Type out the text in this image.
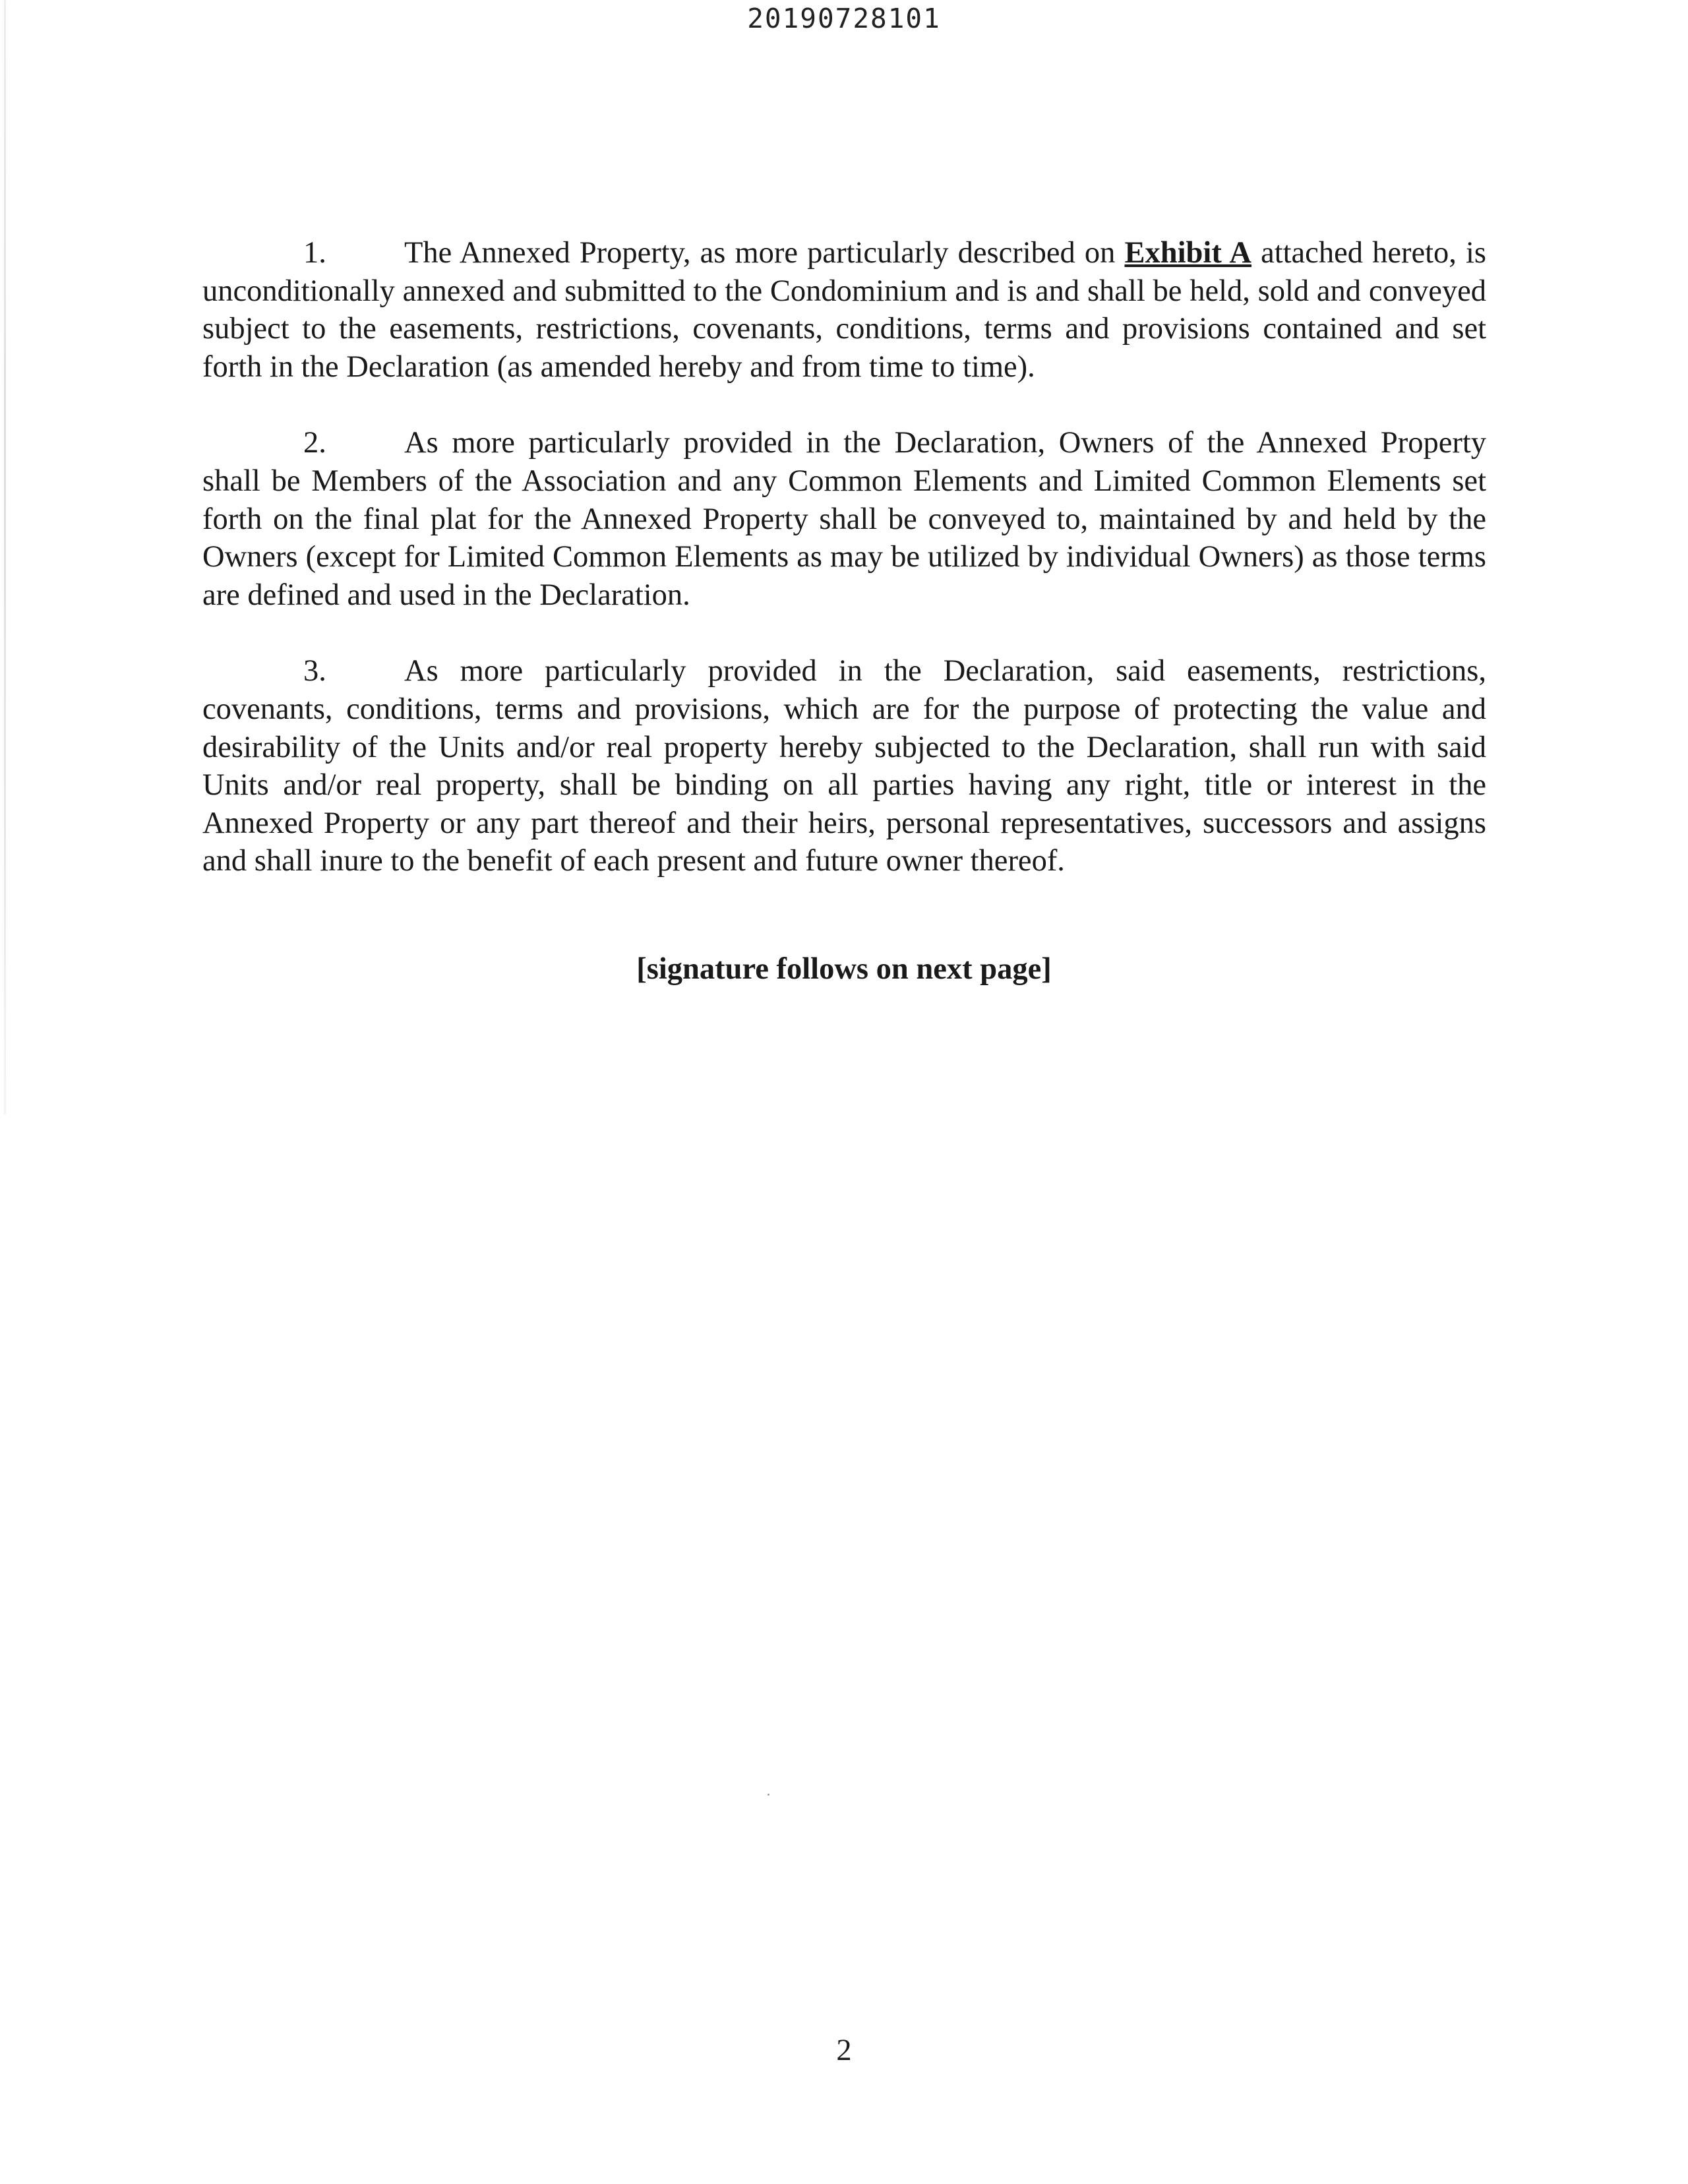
20190728101

1.	The Annexed Property, as more particularly described on Exhibit A attached hereto, is unconditionally annexed and submitted to the Condominium and is and shall be held, sold and conveyed subject to the easements, restrictions, covenants, conditions, terms and provisions contained and set forth in the Declaration (as amended hereby and from time to time).

2.	As more particularly provided in the Declaration, Owners of the Annexed Property shall be Members of the Association and any Common Elements and Limited Common Elements set forth on the final plat for the Annexed Property shall be conveyed to, maintained by and held by the Owners (except for Limited Common Elements as may be utilized by individual Owners) as those terms are defined and used in the Declaration.

3.	As more particularly provided in the Declaration, said easements, restrictions, covenants, conditions, terms and provisions, which are for the purpose of protecting the value and desirability of the Units and/or real property hereby subjected to the Declaration, shall run with said Units and/or real property, shall be binding on all parties having any right, title or interest in the Annexed Property or any part thereof and their heirs, personal representatives, successors and assigns and shall inure to the benefit of each present and future owner thereof.

[signature follows on next page]
2
